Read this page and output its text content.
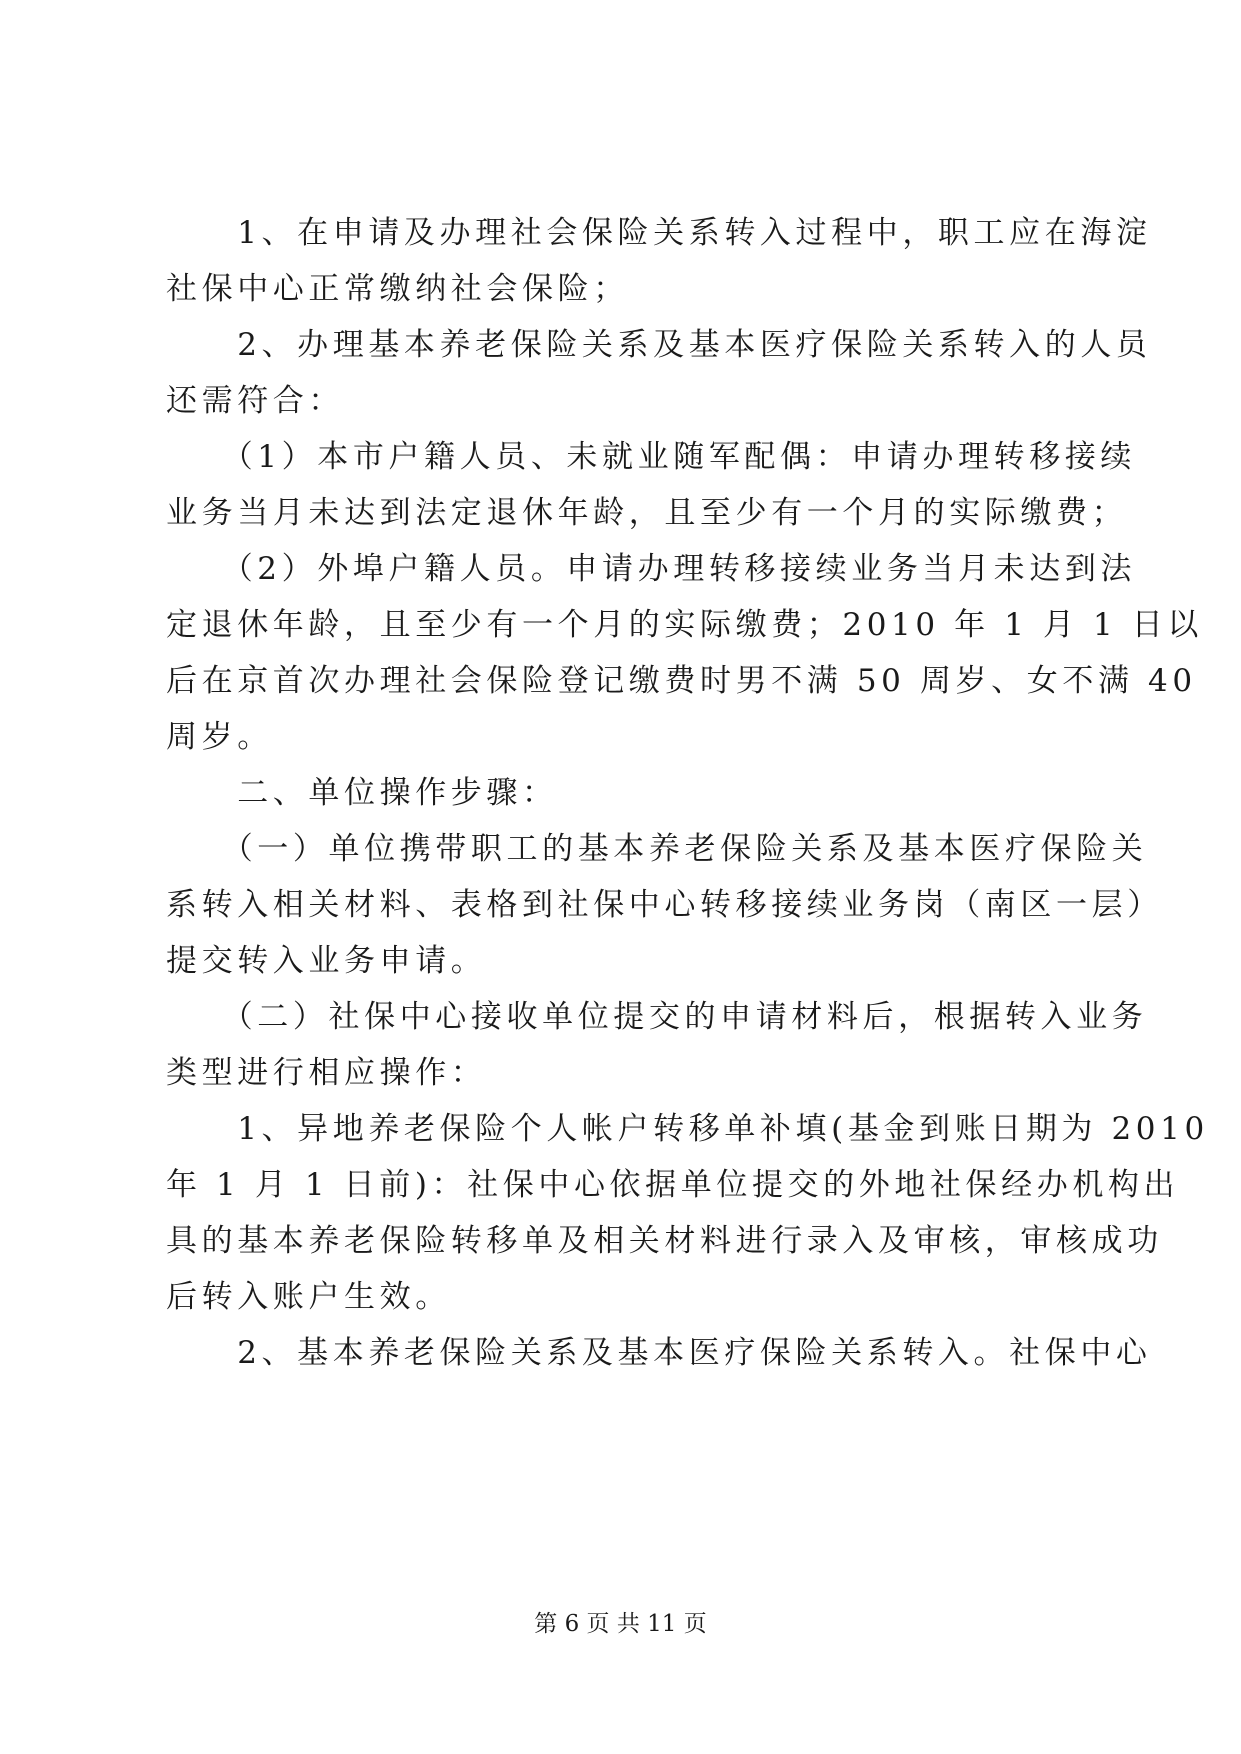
　　1、在申请及办理社会保险关系转入过程中，职工应在海淀
社保中心正常缴纳社会保险；
　　2、办理基本养老保险关系及基本医疗保险关系转入的人员
还需符合：
　　（1）本市户籍人员、未就业随军配偶：申请办理转移接续
业务当月未达到法定退休年龄，且至少有一个月的实际缴费；
　　（2）外埠户籍人员。申请办理转移接续业务当月未达到法
定退休年龄，且至少有一个月的实际缴费；2010 年 1 月 1 日以
后在京首次办理社会保险登记缴费时男不满 50 周岁、女不满 40
周岁。
　　二、单位操作步骤：
　　（一）单位携带职工的基本养老保险关系及基本医疗保险关
系转入相关材料、表格到社保中心转移接续业务岗（南区一层）
提交转入业务申请。
　　（二）社保中心接收单位提交的申请材料后，根据转入业务
类型进行相应操作：
　　1、异地养老保险个人帐户转移单补填(基金到账日期为 2010
年 1 月 1 日前)：社保中心依据单位提交的外地社保经办机构出
具的基本养老保险转移单及相关材料进行录入及审核，审核成功
后转入账户生效。
　　2、基本养老保险关系及基本医疗保险关系转入。社保中心
第 6 页 共 11 页
